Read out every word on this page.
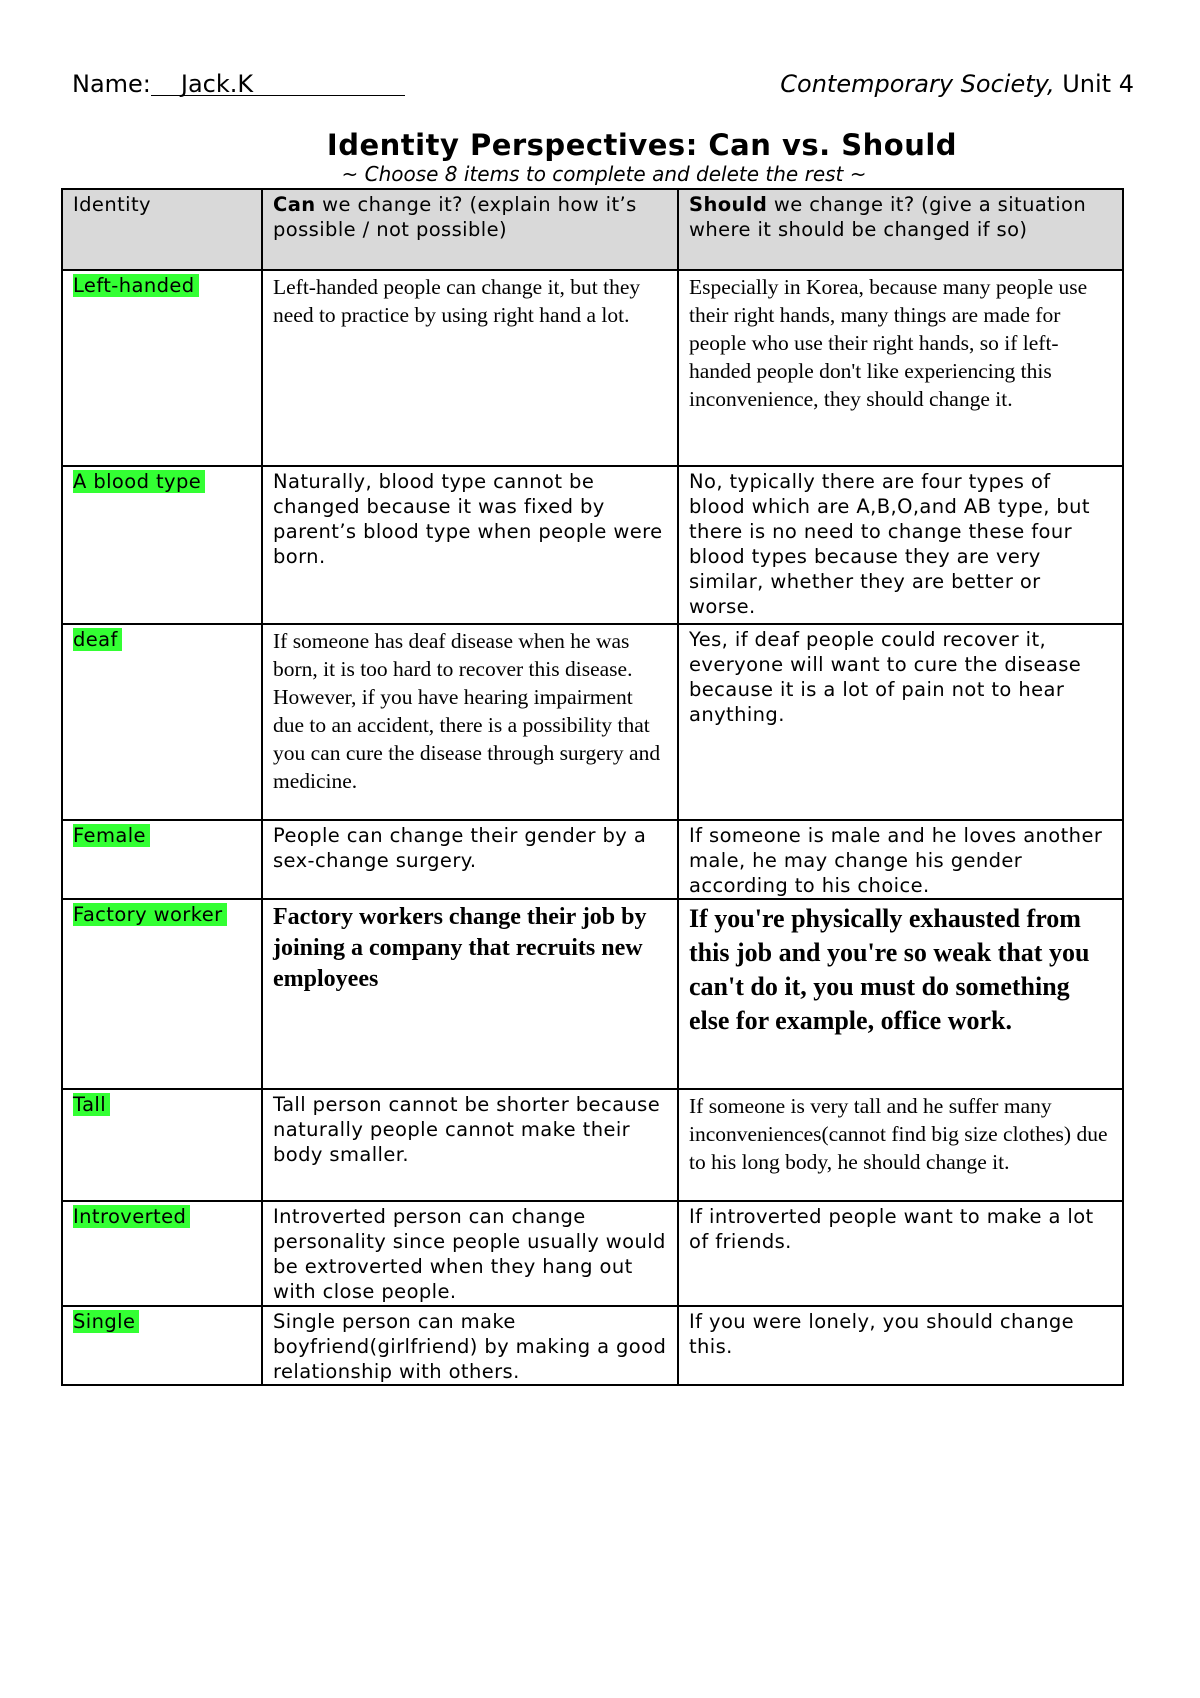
Name: Jack.K	Contemporary Society, Unit 4
Identity Perspectives: Can vs. Should
~ Choose 8 items to complete and delete the rest ~
Identity	Can we change it? (explain how it’s possible / not possible)	Should we change it? (give a situation where it should be changed if so)
Left-handed	Left-handed people can change it, but they need to practice by using right hand a lot.	Especially in Korea, because many people use their right hands, many things are made for people who use their right hands, so if left-handed people don't like experiencing this inconvenience, they should change it.
A blood type	Naturally, blood type cannot be changed because it was fixed by parent’s blood type when people were born.	No, typically there are four types of blood which are A,B,O,and AB type, but there is no need to change these four blood types because they are very similar, whether they are better or worse.
deaf	If someone has deaf disease when he was born, it is too hard to recover this disease. However, if you have hearing impairment due to an accident, there is a possibility that you can cure the disease through surgery and medicine.	Yes, if deaf people could recover it, everyone will want to cure the disease because it is a lot of pain not to hear anything.
Female	People can change their gender by a sex-change surgery.	If someone is male and he loves another male, he may change his gender according to his choice.
Factory worker	Factory workers change their job by joining a company that recruits new employees	If you're physically exhausted from this job and you're so weak that you can't do it, you must do something else for example, office work.
Tall	Tall person cannot be shorter because naturally people cannot make their body smaller.	If someone is very tall and he suffer many inconveniences(cannot find big size clothes) due to his long body, he should change it.
Introverted	Introverted person can change personality since people usually would be extroverted when they hang out with close people.	If introverted people want to make a lot of friends.
Single	Single person can make boyfriend(girlfriend) by making a good relationship with others.	If you were lonely, you should change this.
